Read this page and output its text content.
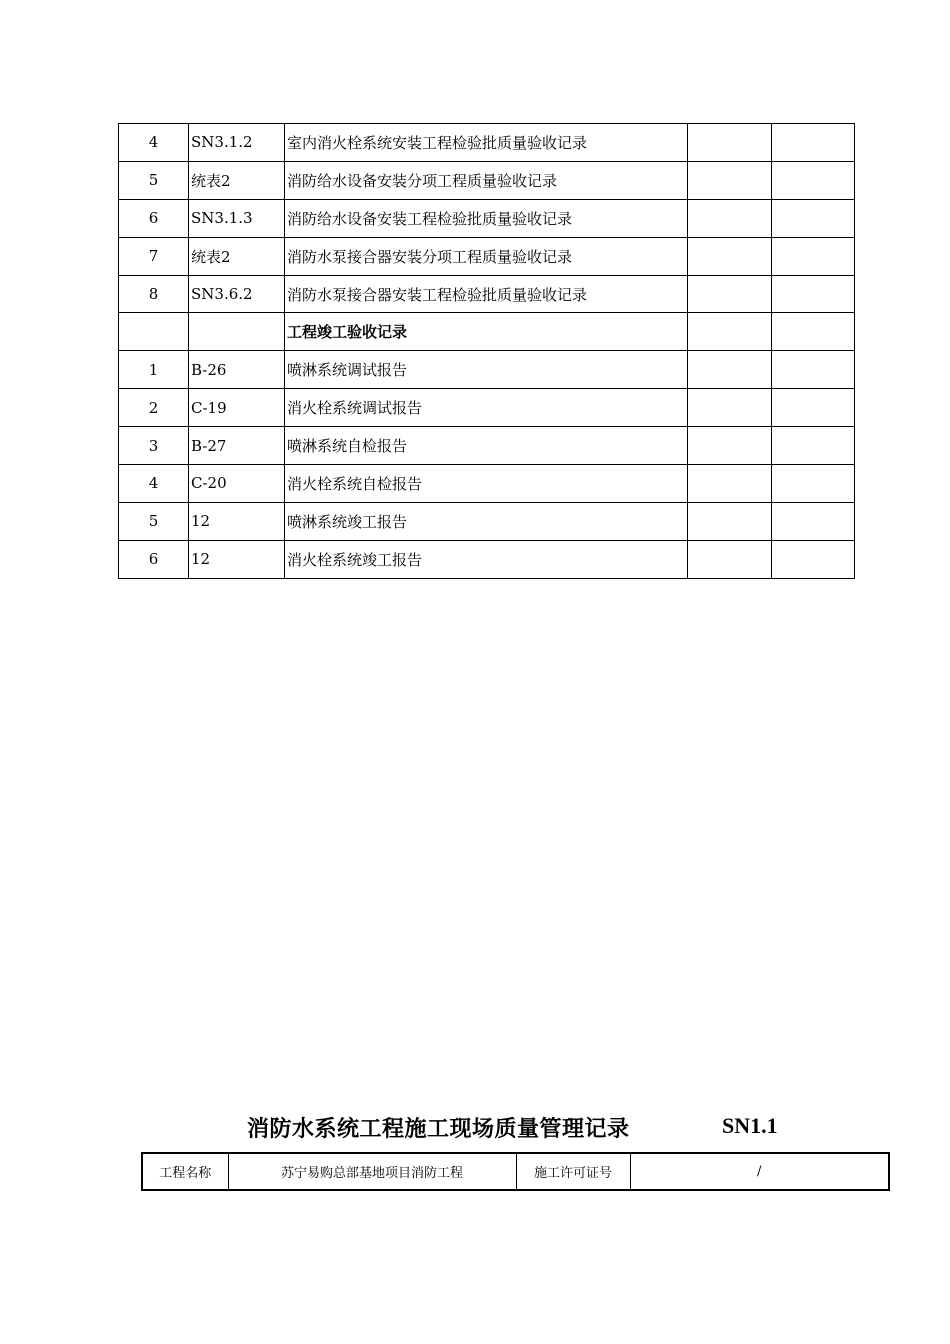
4	SN3.1.2	室内消火栓系统安装工程检验批质量验收记录		
5	统表2	消防给水设备安装分项工程质量验收记录		
6	SN3.1.3	消防给水设备安装工程检验批质量验收记录		
7	统表2	消防水泵接合器安装分项工程质量验收记录		
8	SN3.6.2	消防水泵接合器安装工程检验批质量验收记录		
		工程竣工验收记录		
1	B-26	喷淋系统调试报告		
2	C-19	消火栓系统调试报告		
3	B-27	喷淋系统自检报告		
4	C-20	消火栓系统自检报告		
5	12	喷淋系统竣工报告		
6	12	消火栓系统竣工报告		
消防水系统工程施工现场质量管理记录	SN1.1
工程名称	苏宁易购总部基地项目消防工程	施工许可证号	/
